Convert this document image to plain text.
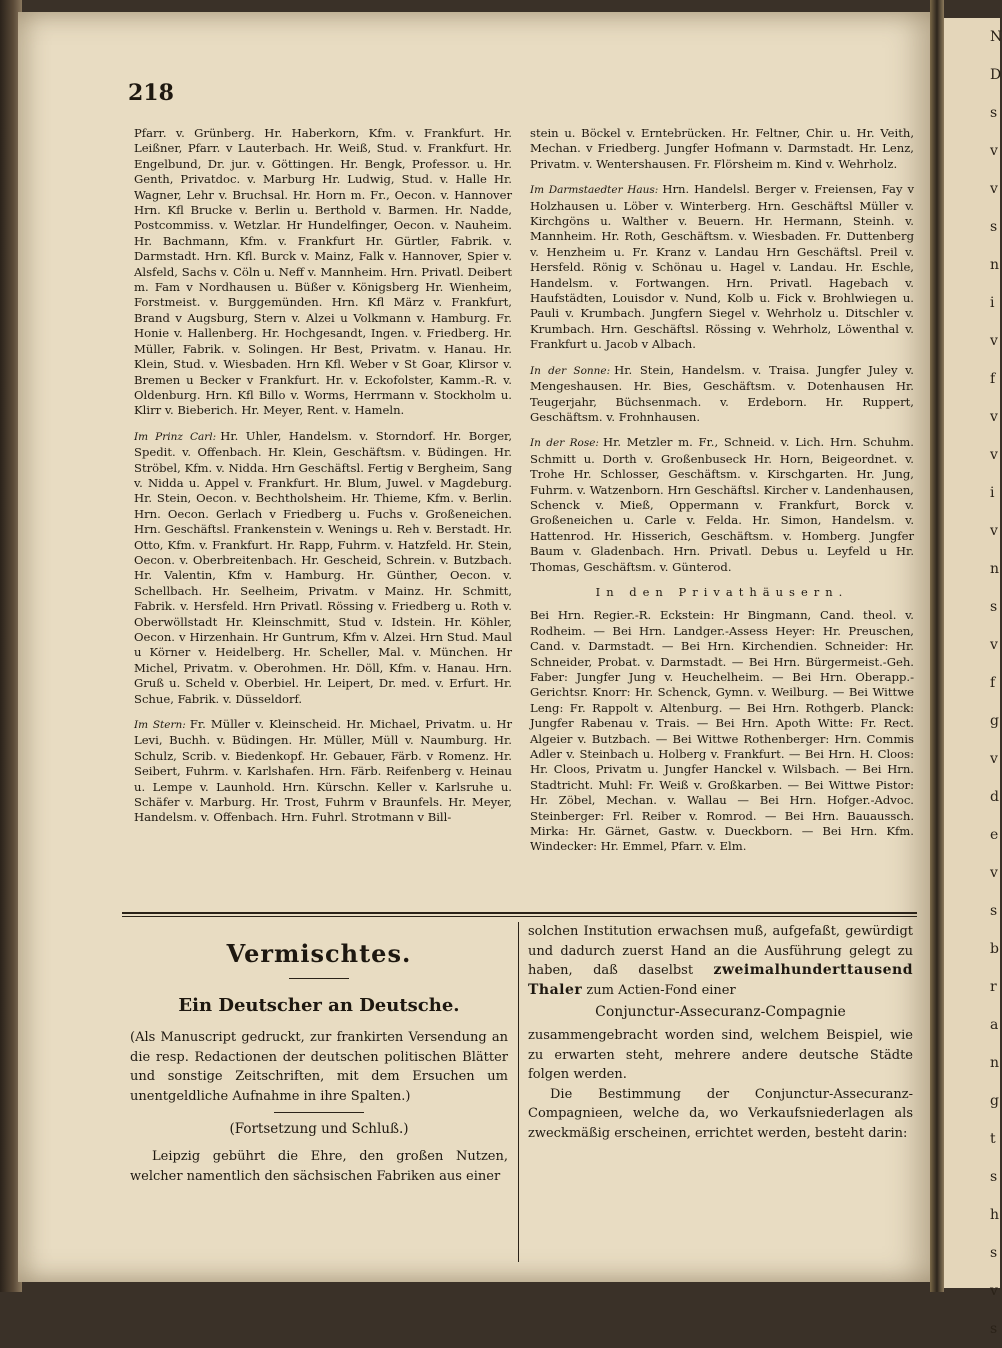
218

Pfarr. v. Grünberg. Hr. Haberkorn, Kfm. v. Frankfurt. Hr. Leißner, Pfarr. v Lauterbach. Hr. Weiß, Stud. v. Frankfurt. Hr. Engelbund, Dr. jur. v. Göttingen. Hr. Bengk, Professor. u. Hr. Genth, Privatdoc. v. Marburg Hr. Ludwig, Stud. v. Halle Hr. Wagner, Lehr v. Bruchsal. Hr. Horn m. Fr., Oecon. v. Hannover Hrn. Kfl Brucke v. Berlin u. Berthold v. Barmen. Hr. Nadde, Postcommiss. v. Wetzlar. Hr Hundelfinger, Oecon. v. Nauheim. Hr. Bachmann, Kfm. v. Frankfurt Hr. Gürtler, Fabrik. v. Darmstadt. Hrn. Kfl. Burck v. Mainz, Falk v. Hannover, Spier v. Alsfeld, Sachs v. Cöln u. Neff v. Mannheim. Hrn. Privatl. Deibert m. Fam v Nordhausen u. Büßer v. Königsberg Hr. Wienheim, Forstmeist. v. Burggemünden. Hrn. Kfl März v. Frankfurt, Brand v Augsburg, Stern v. Alzei u Volkmann v. Hamburg. Fr. Honie v. Hallenberg. Hr. Hochgesandt, Ingen. v. Friedberg. Hr. Müller, Fabrik. v. Solingen. Hr Best, Privatm. v. Hanau. Hr. Klein, Stud. v. Wiesbaden. Hrn Kfl. Weber v St Goar, Klirsor v. Bremen u Becker v Frankfurt. Hr. v. Eckofolster, Kamm.-R. v. Oldenburg. Hrn. Kfl Billo v. Worms, Herrmann v. Stockholm u. Klirr v. Bieberich. Hr. Meyer, Rent. v. Hameln.

Im Prinz Carl: Hr. Uhler, Handelsm. v. Storndorf. Hr. Borger, Spedit. v. Offenbach. Hr. Klein, Geschäftsm. v. Büdingen. Hr. Ströbel, Kfm. v. Nidda. Hrn Geschäftsl. Fertig v Bergheim, Sang v. Nidda u. Appel v. Frankfurt. Hr. Blum, Juwel. v Magdeburg. Hr. Stein, Oecon. v. Bechtholsheim. Hr. Thieme, Kfm. v. Berlin. Hrn. Oecon. Gerlach v Friedberg u. Fuchs v. Großeneichen. Hrn. Geschäftsl. Frankenstein v. Wenings u. Reh v. Berstadt. Hr. Otto, Kfm. v. Frankfurt. Hr. Rapp, Fuhrm. v. Hatzfeld. Hr. Stein, Oecon. v. Oberbreitenbach. Hr. Gescheid, Schrein. v. Butzbach. Hr. Valentin, Kfm v. Hamburg. Hr. Günther, Oecon. v. Schellbach. Hr. Seelheim, Privatm. v Mainz. Hr. Schmitt, Fabrik. v. Hersfeld. Hrn Privatl. Rössing v. Friedberg u. Roth v. Oberwöllstadt Hr. Kleinschmitt, Stud v. Idstein. Hr. Köhler, Oecon. v Hirzenhain. Hr Guntrum, Kfm v. Alzei. Hrn Stud. Maul u Körner v. Heidelberg. Hr. Scheller, Mal. v. München. Hr Michel, Privatm. v. Oberohmen. Hr. Döll, Kfm. v. Hanau. Hrn. Gruß u. Scheld v. Oberbiel. Hr. Leipert, Dr. med. v. Erfurt. Hr. Schue, Fabrik. v. Düsseldorf.

Im Stern: Fr. Müller v. Kleinscheid. Hr. Michael, Privatm. u. Hr Levi, Buchh. v. Büdingen. Hr. Müller, Müll v. Naumburg. Hr. Schulz, Scrib. v. Biedenkopf. Hr. Gebauer, Färb. v Romenz. Hr. Seibert, Fuhrm. v. Karlshafen. Hrn. Färb. Reifenberg v. Heinau u. Lempe v. Launhold. Hrn. Kürschn. Keller v. Karlsruhe u. Schäfer v. Marburg. Hr. Trost, Fuhrm v Braunfels. Hr. Meyer, Handelsm. v. Offenbach. Hrn. Fuhrl. Strotmann v Bill-

stein u. Böckel v. Erntebrücken. Hr. Feltner, Chir. u. Hr. Veith, Mechan. v Friedberg. Jungfer Hofmann v. Darmstadt. Hr. Lenz, Privatm. v. Wentershausen. Fr. Flörsheim m. Kind v. Wehrholz.

Im Darmstaedter Haus: Hrn. Handelsl. Berger v. Freiensen, Fay v Holzhausen u. Löber v. Winterberg. Hrn. Geschäftsl Müller v. Kirchgöns u. Walther v. Beuern. Hr. Hermann, Steinh. v. Mannheim. Hr. Roth, Geschäftsm. v. Wiesbaden. Fr. Duttenberg v. Henzheim u. Fr. Kranz v. Landau Hrn Geschäftsl. Preil v. Hersfeld. Rönig v. Schönau u. Hagel v. Landau. Hr. Eschle, Handelsm. v. Fortwangen. Hrn. Privatl. Hagebach v. Haufstädten, Louisdor v. Nund, Kolb u. Fick v. Brohlwiegen u. Pauli v. Krumbach. Jungfern Siegel v. Wehrholz u. Ditschler v. Krumbach. Hrn. Geschäftsl. Rössing v. Wehrholz, Löwenthal v. Frankfurt u. Jacob v Albach.

In der Sonne: Hr. Stein, Handelsm. v. Traisa. Jungfer Juley v. Mengeshausen. Hr. Bies, Geschäftsm. v. Dotenhausen Hr. Teugerjahr, Büchsenmach. v. Erdeborn. Hr. Ruppert, Geschäftsm. v. Frohnhausen.

In der Rose: Hr. Metzler m. Fr., Schneid. v. Lich. Hrn. Schuhm. Schmitt u. Dorth v. Großenbuseck Hr. Horn, Beigeordnet. v. Trohe Hr. Schlosser, Geschäftsm. v. Kirschgarten. Hr. Jung, Fuhrm. v. Watzenborn. Hrn Geschäftsl. Kircher v. Landenhausen, Schenck v. Mieß, Oppermann v. Frankfurt, Borck v. Großeneichen u. Carle v. Felda. Hr. Simon, Handelsm. v. Hattenrod. Hr. Hisserich, Geschäftsm. v. Homberg. Jungfer Baum v. Gladenbach. Hrn. Privatl. Debus u. Leyfeld u Hr. Thomas, Geschäftsm. v. Günterod.

In den Privathäusern.

Bei Hrn. Regier.-R. Eckstein: Hr Bingmann, Cand. theol. v. Rodheim. — Bei Hrn. Landger.-Assess Heyer: Hr. Preuschen, Cand. v. Darmstadt. — Bei Hrn. Kirchendien. Schneider: Hr. Schneider, Probat. v. Darmstadt. — Bei Hrn. Bürgermeist.-Geh. Faber: Jungfer Jung v. Heuchelheim. — Bei Hrn. Oberapp.-Gerichtsr. Knorr: Hr. Schenck, Gymn. v. Weilburg. — Bei Wittwe Leng: Fr. Rappolt v. Altenburg. — Bei Hrn. Rothgerb. Planck: Jungfer Rabenau v. Trais. — Bei Hrn. Apoth Witte: Fr. Rect. Algeier v. Butzbach. — Bei Wittwe Rothenberger: Hrn. Commis Adler v. Steinbach u. Holberg v. Frankfurt. — Bei Hrn. H. Cloos: Hr. Cloos, Privatm u. Jungfer Hanckel v. Wilsbach. — Bei Hrn. Stadtricht. Muhl: Fr. Weiß v. Großkarben. — Bei Wittwe Pistor: Hr. Zöbel, Mechan. v. Wallau — Bei Hrn. Hofger.-Advoc. Steinberger: Frl. Reiber v. Romrod. — Bei Hrn. Bauaussch. Mirka: Hr. Gärnet, Gastw. v. Dueckborn. — Bei Hrn. Kfm. Windecker: Hr. Emmel, Pfarr. v. Elm.

Vermischtes.
Ein Deutscher an Deutsche.

(Als Manuscript gedruckt, zur frankirten Versendung an die resp. Redactionen der deutschen politischen Blätter und sonstige Zeitschriften, mit dem Ersuchen um unentgeldliche Aufnahme in ihre Spalten.)

(Fortsetzung und Schluß.)

Leipzig gebührt die Ehre, den großen Nutzen, welcher namentlich den sächsischen Fabriken aus einer

solchen Institution erwachsen muß, aufgefaßt, gewürdigt und dadurch zuerst Hand an die Ausführung gelegt zu haben, daß daselbst zweimalhunderttausend Thaler zum Actien-Fond einer

Conjunctur-Assecuranz-Compagnie

zusammengebracht worden sind, welchem Beispiel, wie zu erwarten steht, mehrere andere deutsche Städte folgen werden.

Die Bestimmung der Conjunctur-Assecuranz-Compagnieen, welche da, wo Verkaufsniederlagen als zweckmäßig erscheinen, errichtet werden, besteht darin:

N
D
s
v
v
s
n
i
v
f
v
v
i
v
n
s
v
f
g
v
d
e
v
s
b
r
a
n
g
t
s
h
s
v
s
